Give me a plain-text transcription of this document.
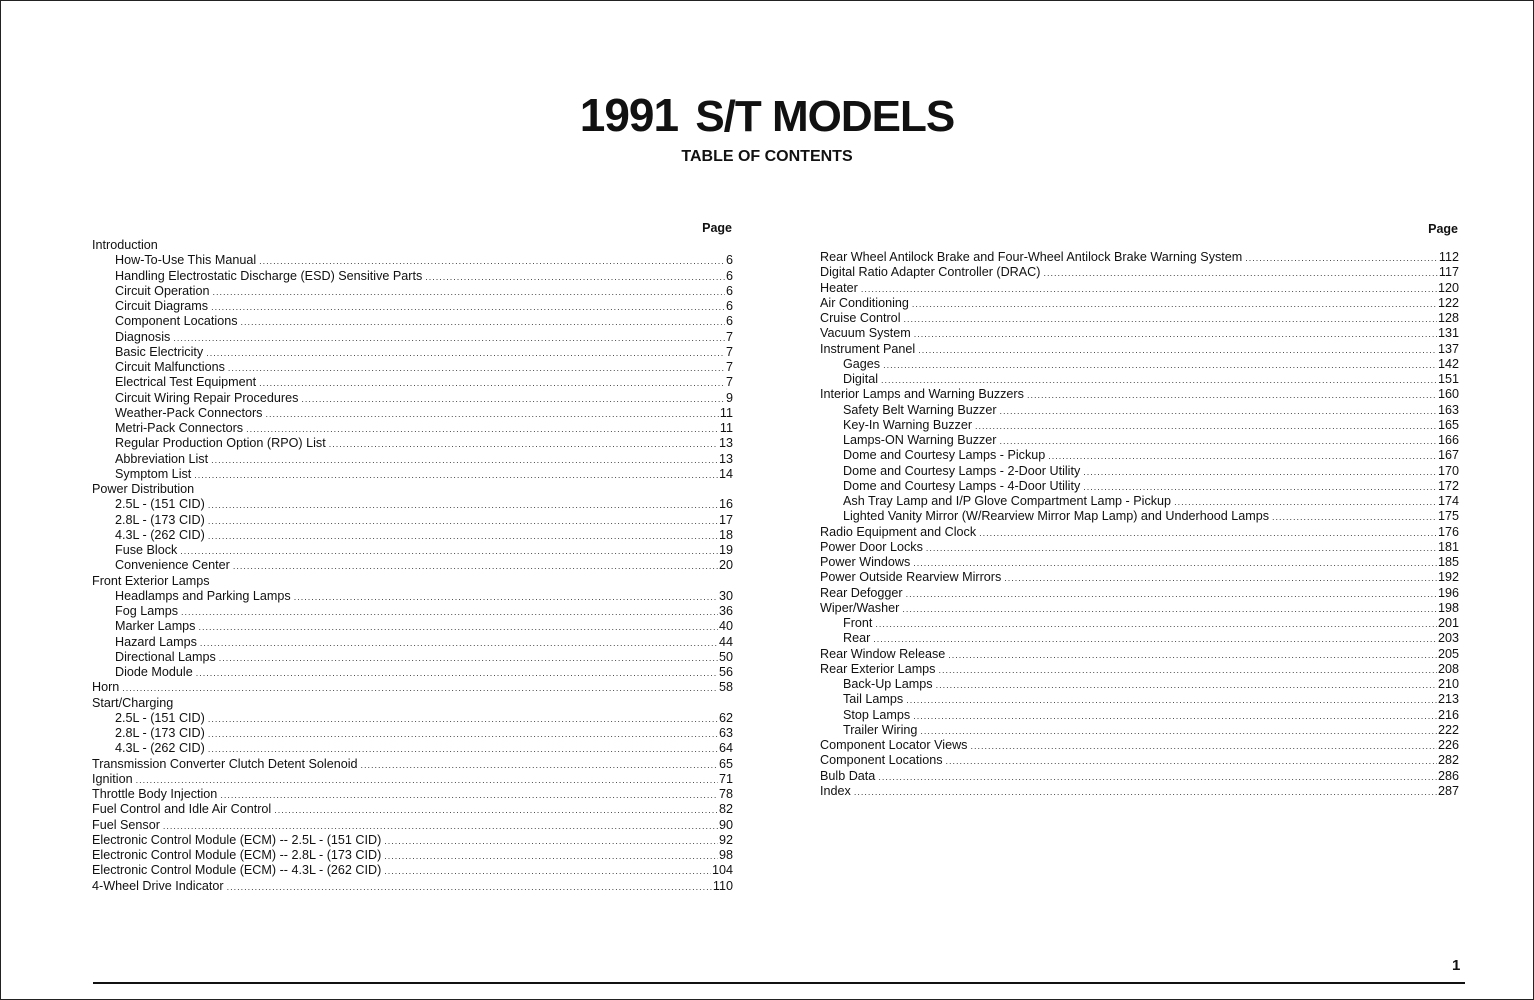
1991 S/T MODELS
TABLE OF CONTENTS
Page
Introduction
How-To-Use This Manual .....	6
Handling Electrostatic Discharge (ESD) Sensitive Parts .....	6
Circuit Operation .....	6
Circuit Diagrams .....	6
Component Locations .....	6
Diagnosis .....	7
Basic Electricity .....	7
Circuit Malfunctions .....	7
Electrical Test Equipment .....	7
Circuit Wiring Repair Procedures .....	9
Weather-Pack Connectors .....	11
Metri-Pack Connectors .....	11
Regular Production Option (RPO) List .....	13
Abbreviation List .....	13
Symptom List .....	14
Power Distribution
2.5L - (151 CID) .....	16
2.8L - (173 CID) .....	17
4.3L - (262 CID) .....	18
Fuse Block .....	19
Convenience Center .....	20
Front Exterior Lamps
Headlamps and Parking Lamps .....	30
Fog Lamps .....	36
Marker Lamps .....	40
Hazard Lamps .....	44
Directional Lamps .....	50
Diode Module .....	56
Horn .....	58
Start/Charging
2.5L - (151 CID) .....	62
2.8L - (173 CID) .....	63
4.3L - (262 CID) .....	64
Transmission Converter Clutch Detent Solenoid .....	65
Ignition .....	71
Throttle Body Injection .....	78
Fuel Control and Idle Air Control .....	82
Fuel Sensor .....	90
Electronic Control Module (ECM) -- 2.5L - (151 CID) .....	92
Electronic Control Module (ECM) -- 2.8L - (173 CID) .....	98
Electronic Control Module (ECM) -- 4.3L - (262 CID) .....	104
4-Wheel Drive Indicator .....	110
Page
Rear Wheel Antilock Brake and Four-Wheel Antilock Brake Warning System .....	112
Digital Ratio Adapter Controller (DRAC) .....	117
Heater .....	120
Air Conditioning .....	122
Cruise Control .....	128
Vacuum System .....	131
Instrument Panel .....	137
Gages .....	142
Digital .....	151
Interior Lamps and Warning Buzzers .....	160
Safety Belt Warning Buzzer .....	163
Key-In Warning Buzzer .....	165
Lamps-ON Warning Buzzer .....	166
Dome and Courtesy Lamps - Pickup .....	167
Dome and Courtesy Lamps - 2-Door Utility .....	170
Dome and Courtesy Lamps - 4-Door Utility .....	172
Ash Tray Lamp and I/P Glove Compartment Lamp - Pickup .....	174
Lighted Vanity Mirror (W/Rearview Mirror Map Lamp) and Underhood Lamps .....	175
Radio Equipment and Clock .....	176
Power Door Locks .....	181
Power Windows .....	185
Power Outside Rearview Mirrors .....	192
Rear Defogger .....	196
Wiper/Washer .....	198
Front .....	201
Rear .....	203
Rear Window Release .....	205
Rear Exterior Lamps .....	208
Back-Up Lamps .....	210
Tail Lamps .....	213
Stop Lamps .....	216
Trailer Wiring .....	222
Component Locator Views .....	226
Component Locations .....	282
Bulb Data .....	286
Index .....	287
1
